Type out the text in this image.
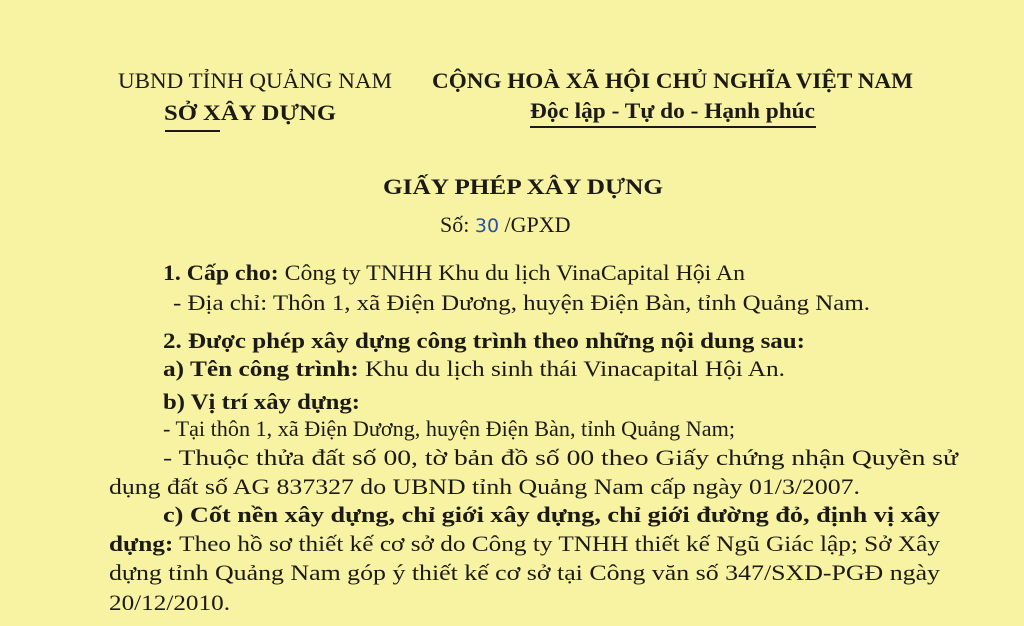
UBND TỈNH QUẢNG NAM
SỞ XÂY DỰNG
CỘNG HOÀ XÃ HỘI CHỦ NGHĨA VIỆT NAM
Độc lập - Tự do - Hạnh phúc
GIẤY PHÉP XÂY DỰNG
Số: 30 /GPXD
1. Cấp cho: Công ty TNHH Khu du lịch VinaCapital Hội An
- Địa chỉ: Thôn 1, xã Điện Dương, huyện Điện Bàn, tỉnh Quảng Nam.
2. Được phép xây dựng công trình theo những nội dung sau:
a) Tên công trình: Khu du lịch sinh thái Vinacapital Hội An.
b) Vị trí xây dựng:
- Tại thôn 1, xã Điện Dương, huyện Điện Bàn, tỉnh Quảng Nam;
- Thuộc thửa đất số 00, tờ bản đồ số 00 theo Giấy chứng nhận Quyền sử
dụng đất số AG 837327 do UBND tỉnh Quảng Nam cấp ngày 01/3/2007.
c) Cốt nền xây dựng, chỉ giới xây dựng, chỉ giới đường đỏ, định vị xây
dựng: Theo hồ sơ thiết kế cơ sở do Công ty TNHH thiết kế Ngũ Giác lập; Sở Xây
dựng tỉnh Quảng Nam góp ý thiết kế cơ sở tại Công văn số 347/SXD-PGĐ ngày
20/12/2010.
